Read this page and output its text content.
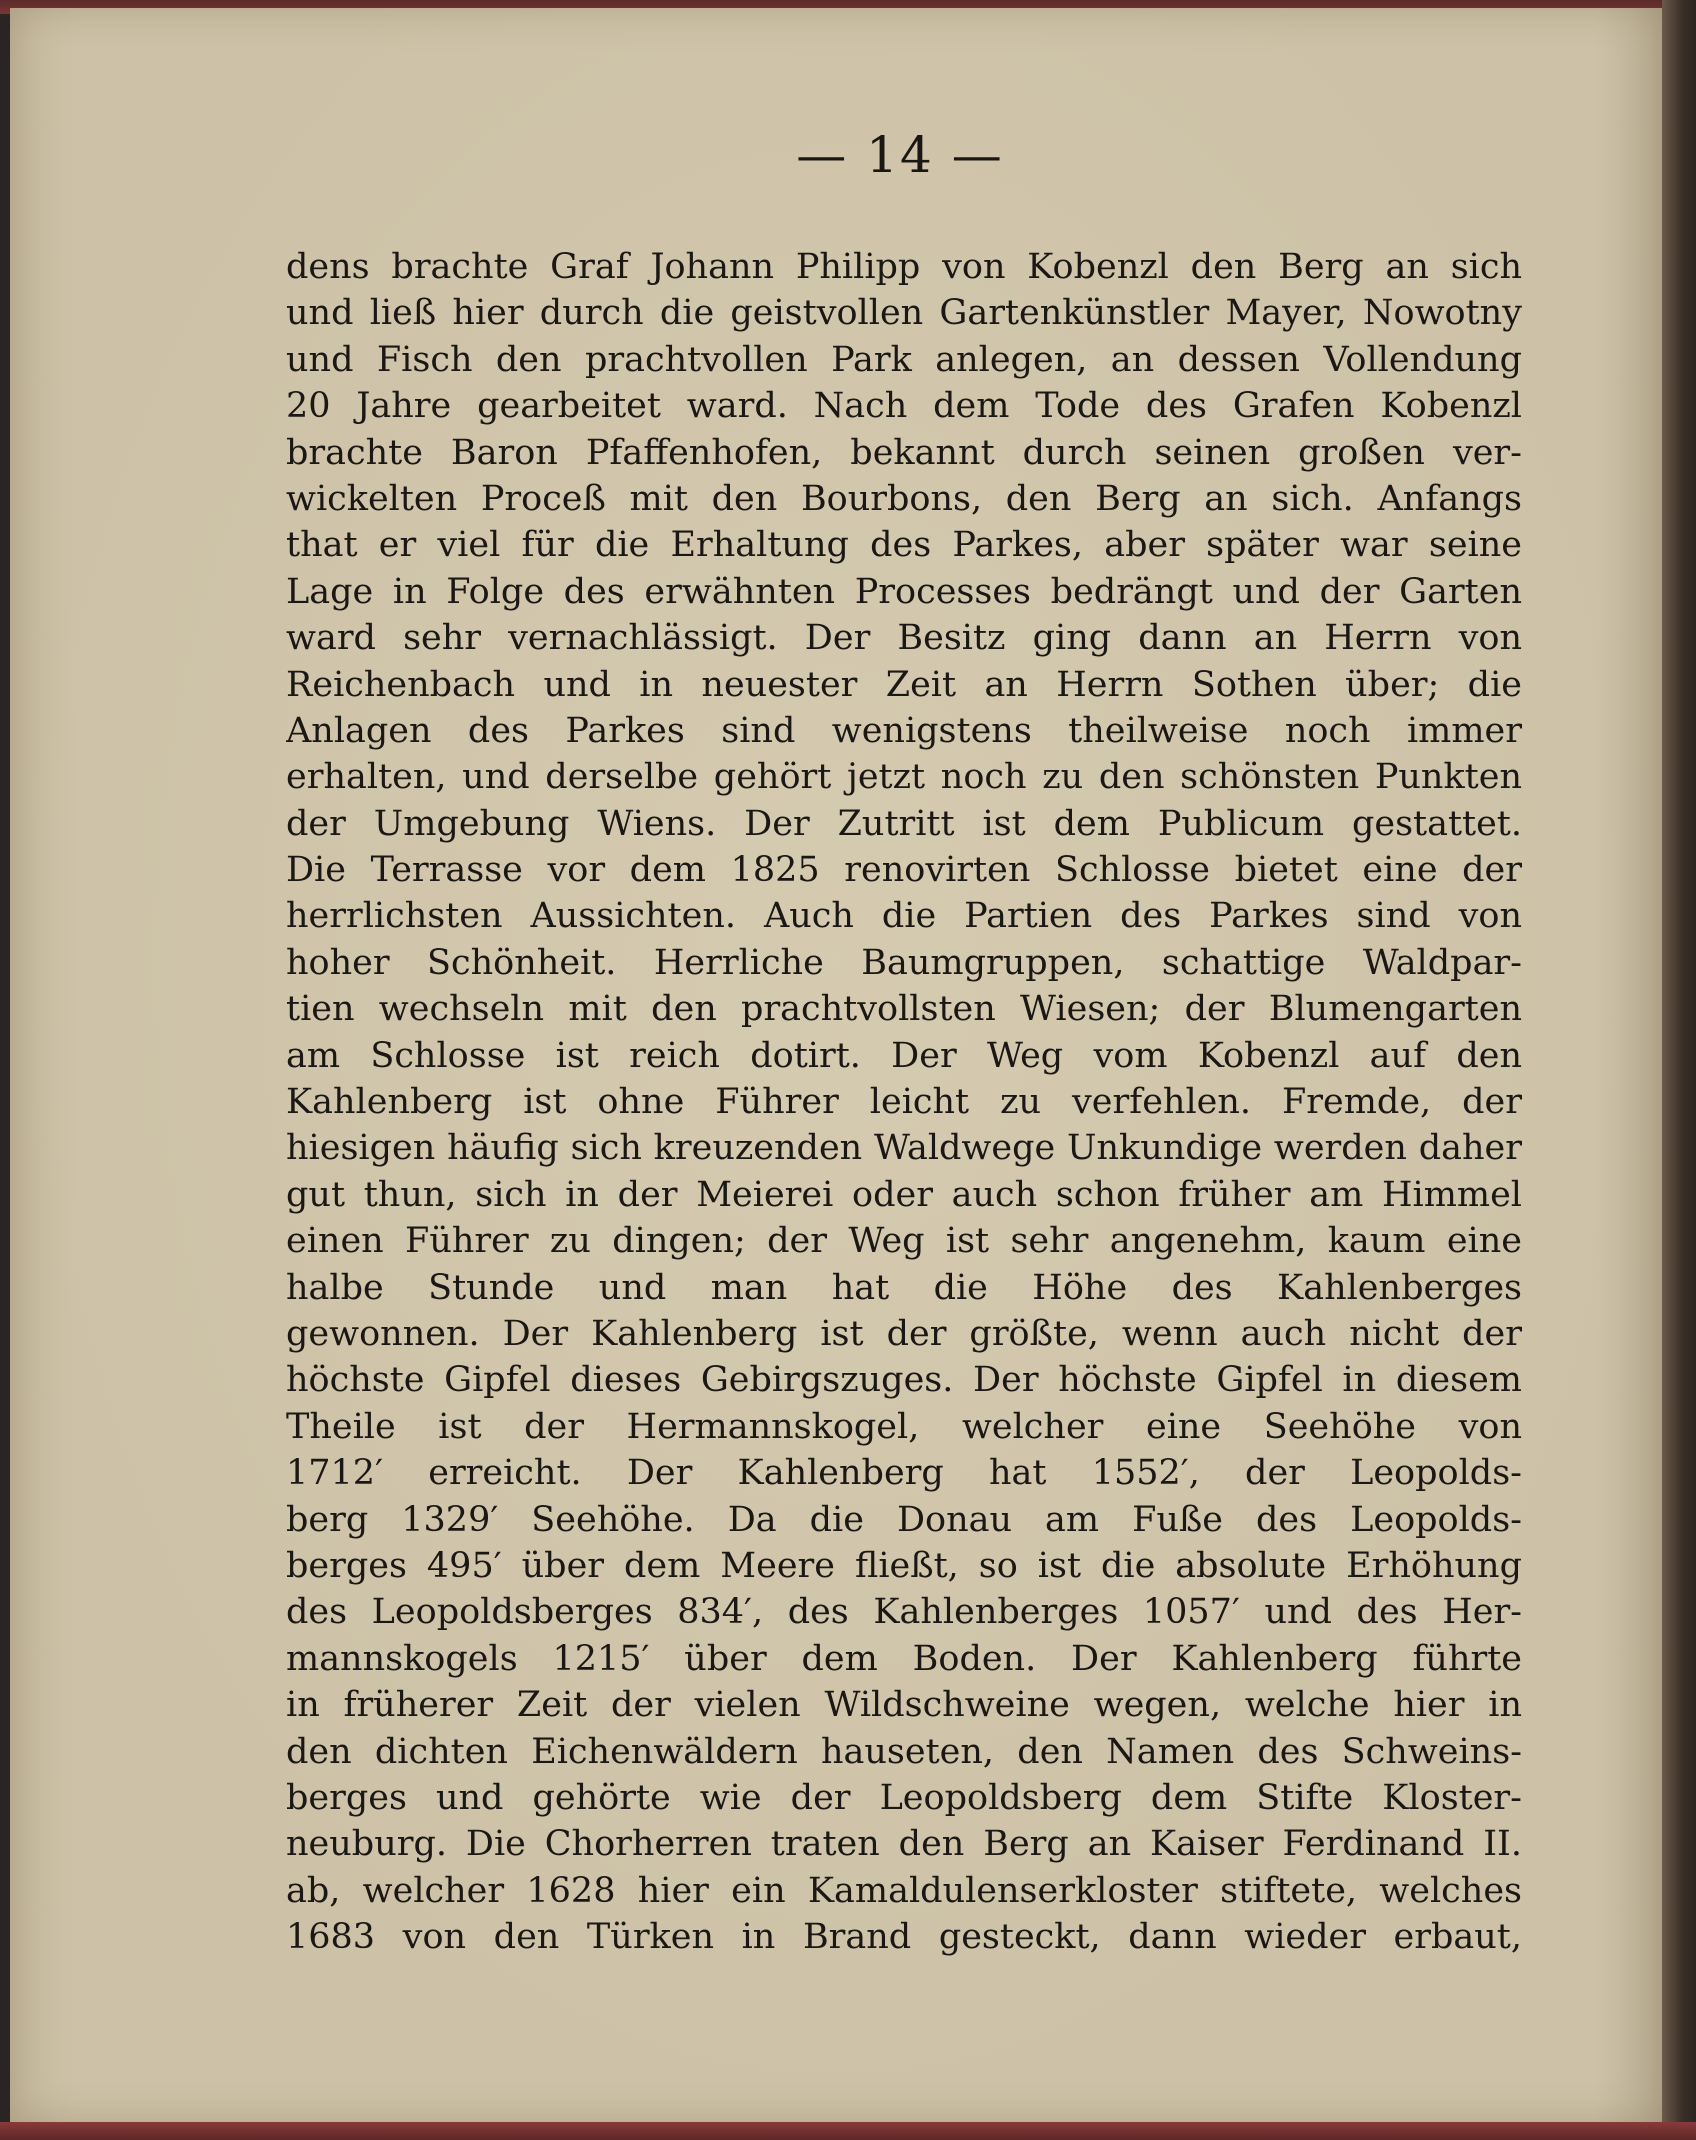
— 14 —
dens brachte Graf Johann Philipp von Kobenzl den Berg an sich
und ließ hier durch die geistvollen Gartenkünstler Mayer, Nowotny
und Fisch den prachtvollen Park anlegen, an dessen Vollendung
20 Jahre gearbeitet ward. Nach dem Tode des Grafen Kobenzl
brachte Baron Pfaffenhofen, bekannt durch seinen großen ver-
wickelten Proceß mit den Bourbons, den Berg an sich. Anfangs
that er viel für die Erhaltung des Parkes, aber später war seine
Lage in Folge des erwähnten Processes bedrängt und der Garten
ward sehr vernachlässigt. Der Besitz ging dann an Herrn von
Reichenbach und in neuester Zeit an Herrn Sothen über; die
Anlagen des Parkes sind wenigstens theilweise noch immer
erhalten, und derselbe gehört jetzt noch zu den schönsten Punkten
der Umgebung Wiens. Der Zutritt ist dem Publicum gestattet.
Die Terrasse vor dem 1825 renovirten Schlosse bietet eine der
herrlichsten Aussichten. Auch die Partien des Parkes sind von
hoher Schönheit. Herrliche Baumgruppen, schattige Waldpar-
tien wechseln mit den prachtvollsten Wiesen; der Blumengarten
am Schlosse ist reich dotirt. Der Weg vom Kobenzl auf den
Kahlenberg ist ohne Führer leicht zu verfehlen. Fremde, der
hiesigen häufig sich kreuzenden Waldwege Unkundige werden daher
gut thun, sich in der Meierei oder auch schon früher am Himmel
einen Führer zu dingen; der Weg ist sehr angenehm, kaum eine
halbe Stunde und man hat die Höhe des Kahlenberges
gewonnen. Der Kahlenberg ist der größte, wenn auch nicht der
höchste Gipfel dieses Gebirgszuges. Der höchste Gipfel in diesem
Theile ist der Hermannskogel, welcher eine Seehöhe von
1712′ erreicht. Der Kahlenberg hat 1552′, der Leopolds-
berg 1329′ Seehöhe. Da die Donau am Fuße des Leopolds-
berges 495′ über dem Meere fließt, so ist die absolute Erhöhung
des Leopoldsberges 834′, des Kahlenberges 1057′ und des Her-
mannskogels 1215′ über dem Boden. Der Kahlenberg führte
in früherer Zeit der vielen Wildschweine wegen, welche hier in
den dichten Eichenwäldern hauseten, den Namen des Schweins-
berges und gehörte wie der Leopoldsberg dem Stifte Kloster-
neuburg. Die Chorherren traten den Berg an Kaiser Ferdinand II.
ab, welcher 1628 hier ein Kamaldulenserkloster stiftete, welches
1683 von den Türken in Brand gesteckt, dann wieder erbaut,
